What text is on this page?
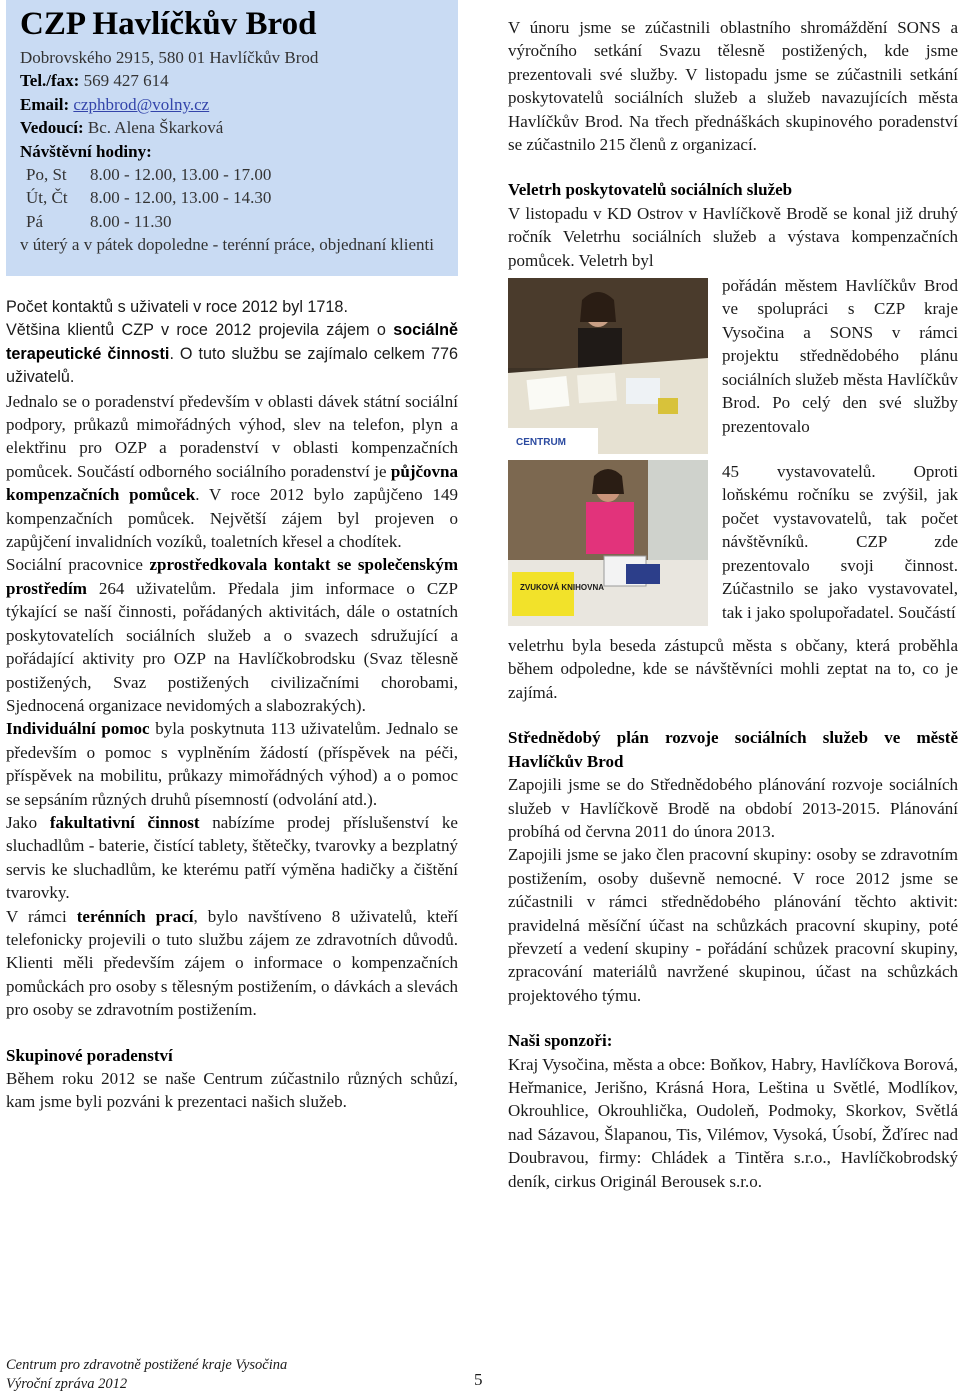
CZP Havlíčkův Brod
Dobrovského 2915, 580 01 Havlíčkův Brod
Tel./fax: 569 427 614
Email: czphbrod@volny.cz
Vedoucí: Bc. Alena Škarková
Návštěvní hodiny:
Po, St	8.00 - 12.00, 13.00 - 17.00
Út, Čt	8.00 - 12.00, 13.00 - 14.30
Pá	8.00 - 11.30
v úterý a v pátek dopoledne - terénní práce, objednaní klienti

Počet kontaktů s uživateli v roce 2012 byl 1718.

Většina klientů CZP v roce 2012 projevila zájem o sociálně terapeutické činnosti. O tuto službu se zajímalo celkem 776 uživatelů.

Jednalo se o poradenství především v oblasti dávek státní sociální podpory, průkazů mimořádných výhod, slev na telefon, plyn a elektřinu pro OZP a poradenství v oblasti kompenzačních pomůcek. Součástí odborného sociálního poradenství je půjčovna kompenzačních pomůcek. V roce 2012 bylo zapůjčeno 149 kompenzačních pomůcek. Největší zájem byl projeven o zapůjčení invalidních vozíků, toaletních křesel a chodítek.

Sociální pracovnice zprostředkovala kontakt se společenským prostředím 264 uživatelům. Předala jim informace o CZP týkající se naší činnosti, pořádaných aktivitách, dále o ostatních poskytovatelích sociálních služeb a o svazech sdružující a pořádající aktivity pro OZP na Havlíčkobrodsku (Svaz tělesně postižených, Svaz postižených civilizačními chorobami, Sjednocená organizace nevidomých a slabozrakých).

Individuální pomoc byla poskytnuta 113 uživatelům. Jednalo se především o pomoc s vyplněním žádostí (příspěvek na péči, příspěvek na mobilitu, průkazy mimořádných výhod) a o pomoc se sepsáním různých druhů písemností (odvolání atd.).

Jako fakultativní činnost nabízíme prodej příslušenství ke sluchadlům - baterie, čistící tablety, štětečky, tvarovky a bezplatný servis ke sluchadlům, ke kterému patří výměna hadičky a čištění tvarovky.

V rámci terénních prací, bylo navštíveno 8 uživatelů, kteří telefonicky projevili o tuto službu zájem ze zdravotních důvodů. Klienti měli především zájem o informace o kompenzačních pomůckách pro osoby s tělesným postižením, o dávkách a slevách pro osoby se zdravotním postižením.

Skupinové poradenství

Během roku 2012 se naše Centrum zúčastnilo různých schůzí, kam jsme byli pozváni k prezentaci našich služeb.

V únoru jsme se zúčastnili oblastního shromáždění SONS a výročního setkání Svazu tělesně postižených, kde jsme prezentovali své služby. V listopadu jsme se zúčastnili setkání poskytovatelů sociálních služeb a služeb navazujících města Havlíčkův Brod. Na třech přednáškách skupinového poradenství se zúčastnilo 215 členů z organizací.

Veletrh poskytovatelů sociálních služeb

V listopadu v KD Ostrov v Havlíčkově Brodě se konal již druhý ročník Veletrhu sociálních služeb a výstava kompenzačních pomůcek. Veletrh byl

CENTRUM
ZVUKOVÁ KNIHOVNA
pořádán městem Havlíčkův Brod ve spolupráci s CZP kraje Vysočina a SONS v rámci projektu střednědobého plánu sociálních služeb města Havlíčkův Brod. Po celý den své služby prezentovalo
45 vystavovatelů. Oproti loňskému ročníku se zvýšil, jak počet vystavovatelů, tak počet návštěvníků. CZP zde prezentovalo svoji činnost. Zúčastnilo se jako vystavovatel, tak i jako spolupořadatel. Součástí

veletrhu byla beseda zástupců města s občany, která proběhla během odpoledne, kde se návštěvníci mohli zeptat na to, co je zajímá.

Střednědobý plán rozvoje sociálních služeb ve městě Havlíčkův Brod

Zapojili jsme se do Střednědobého plánování rozvoje sociálních služeb v Havlíčkově Brodě na období 2013-2015. Plánování probíhá od června 2011 do února 2013.

Zapojili jsme se jako člen pracovní skupiny: osoby se zdravotním postižením, osoby duševně nemocné. V roce 2012 jsme se zúčastnili v rámci střednědobého plánování těchto aktivit: pravidelná měsíční účast na schůzkách pracovní skupiny, poté převzetí a vedení skupiny - pořádání schůzek pracovní skupiny, zpracování materiálů navržené skupinou, účast na schůzkách projektového týmu.

Naši sponzoři:

Kraj Vysočina, města a obce: Boňkov, Habry, Havlíčkova Borová, Heřmanice, Jerišno, Krásná Hora, Leština u Světlé, Modlíkov, Okrouhlice, Okrouhlička, Oudoleň, Podmoky, Skorkov, Světlá nad Sázavou, Šlapanou, Tis, Vilémov, Vysoká, Úsobí, Žďírec nad Doubravou, firmy: Chládek a Tintěra s.r.o., Havlíčkobrodský deník, cirkus Originál Berousek s.r.o.

Centrum pro zdravotně postižené kraje Vysočina
Výroční zpráva 2012	5
